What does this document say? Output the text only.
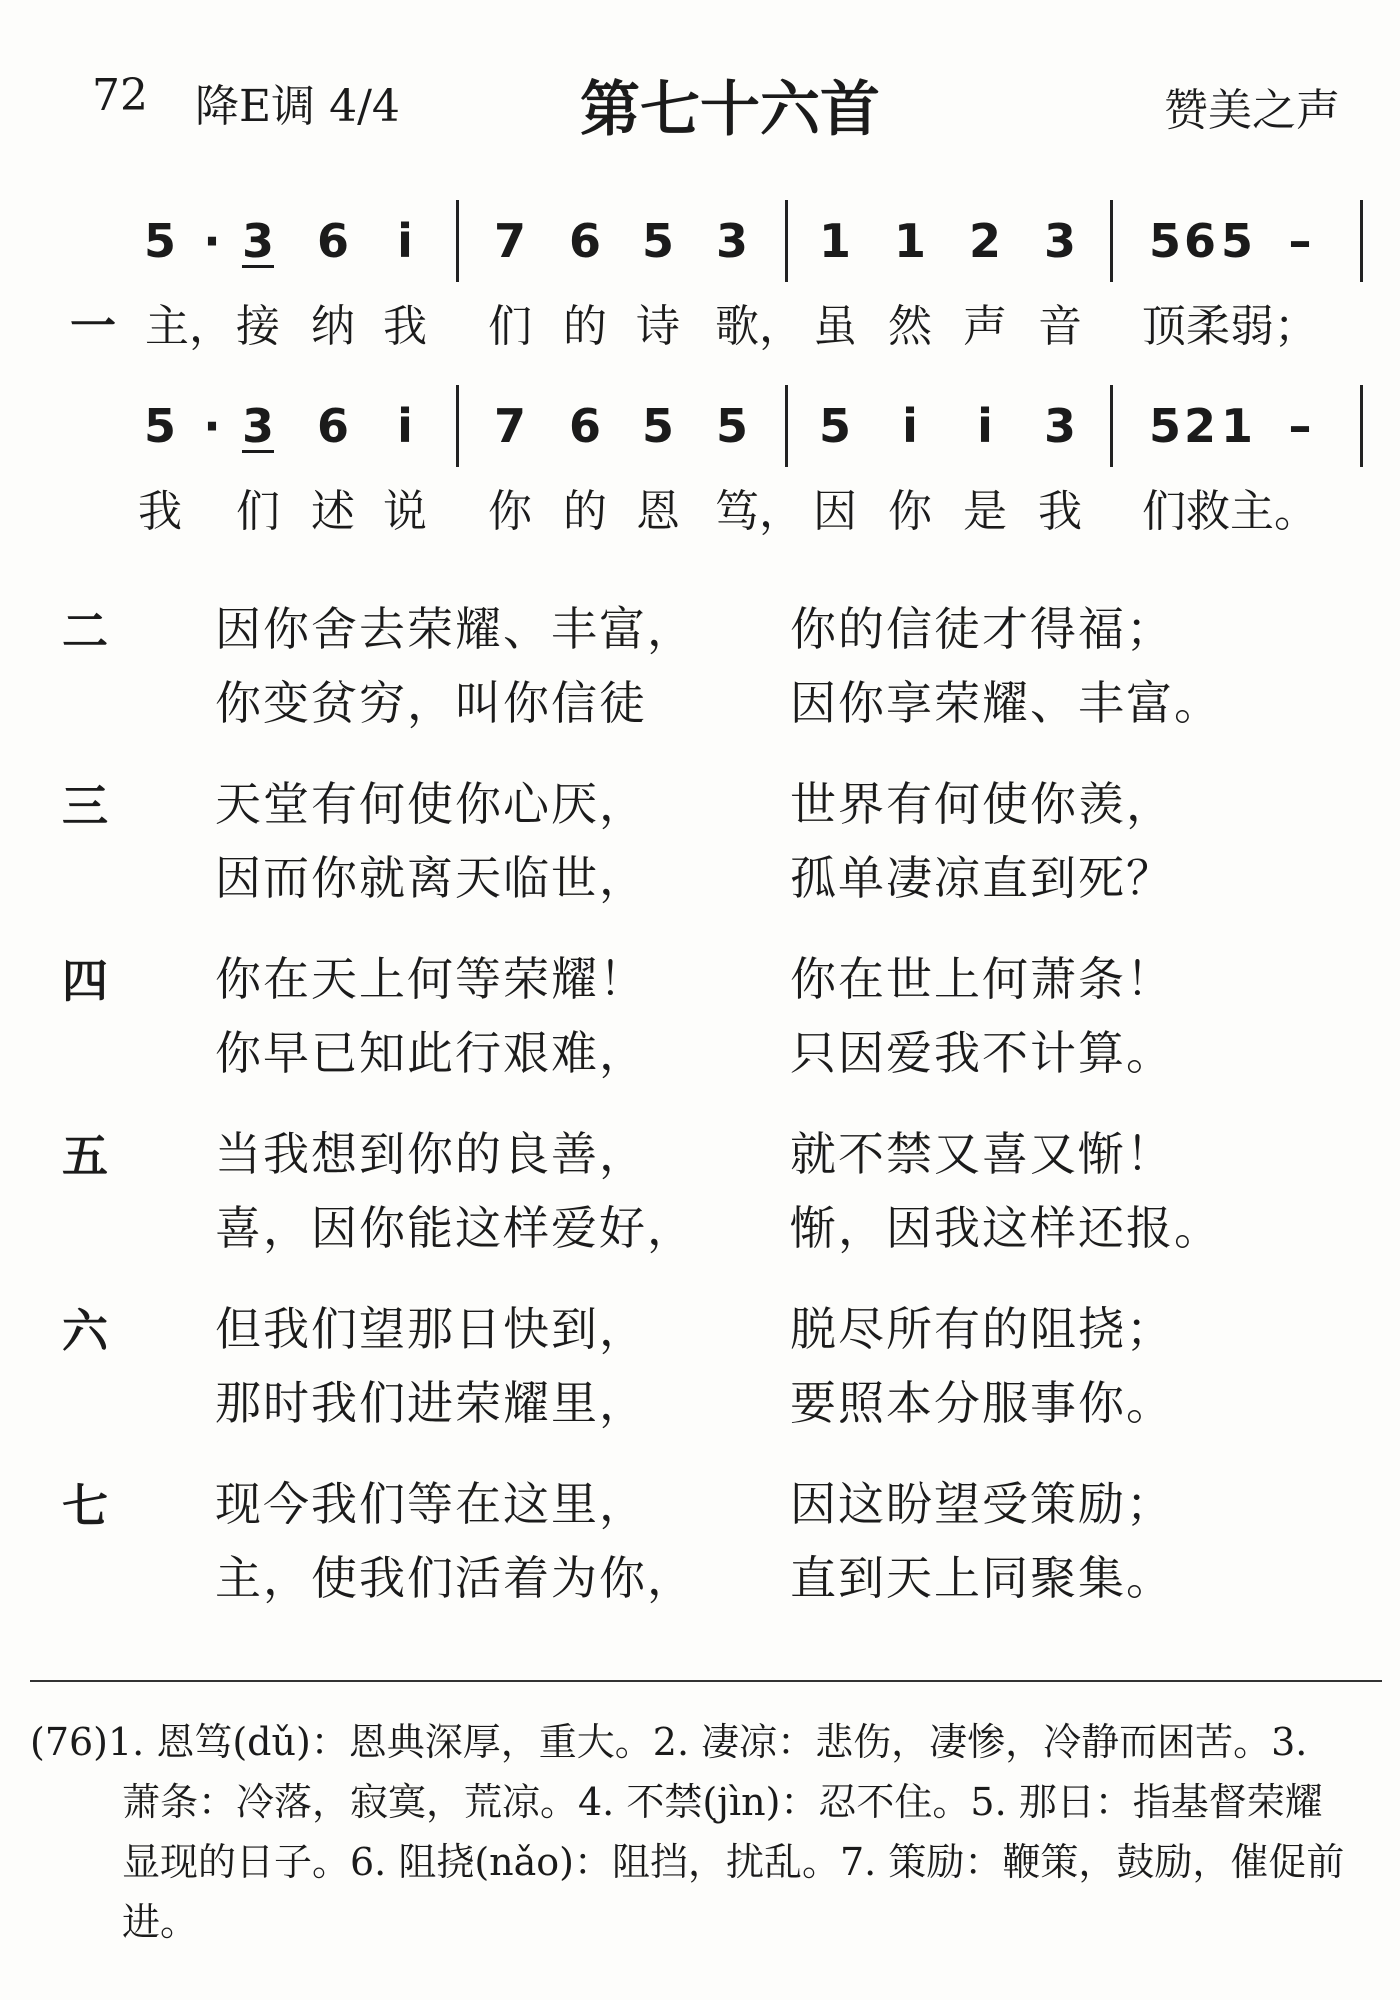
72 降E调 4/4	第七十六首	赞美之声
5 · 3 6 i 7 6 5 3 1 1 2 3 5 6 5 –
一 主， 接 纳 我 们 的 诗 歌， 虽 然 声 音 顶柔弱；
5 · 3 6 i 7 6 5 5 5 i i 3 5 2 1 –
我 们 述 说 你 的 恩 笃， 因 你 是 我 们救主。
二 因你舍去荣耀、丰富， 你的信徒才得福；
你变贫穷，叫你信徒	因你享荣耀、丰富。
三 天堂有何使你心厌，	世界有何使你羡，
因而你就离天临世，	孤单凄凉直到死？
四 你在天上何等荣耀！	你在世上何萧条！
你早已知此行艰难，	只因爱我不计算。
五 当我想到你的良善，	就不禁又喜又惭！
喜，因你能这样爱好， 惭，因我这样还报。
六 但我们望那日快到，	脱尽所有的阻挠；
那时我们进荣耀里，	要照本分服事你。
七 现今我们等在这里，	因这盼望受策励；
主，使我们活着为你， 直到天上同聚集。
(76)1. 恩笃(dǔ)：恩典深厚，重大。2. 凄凉：悲伤，凄惨，冷静而困苦。3.
萧条：冷落，寂寞，荒凉。4. 不禁(jìn)：忍不住。5. 那日：指基督荣耀
显现的日子。6. 阻挠(nǎo)：阻挡，扰乱。7. 策励：鞭策，鼓励，催促前
进。
